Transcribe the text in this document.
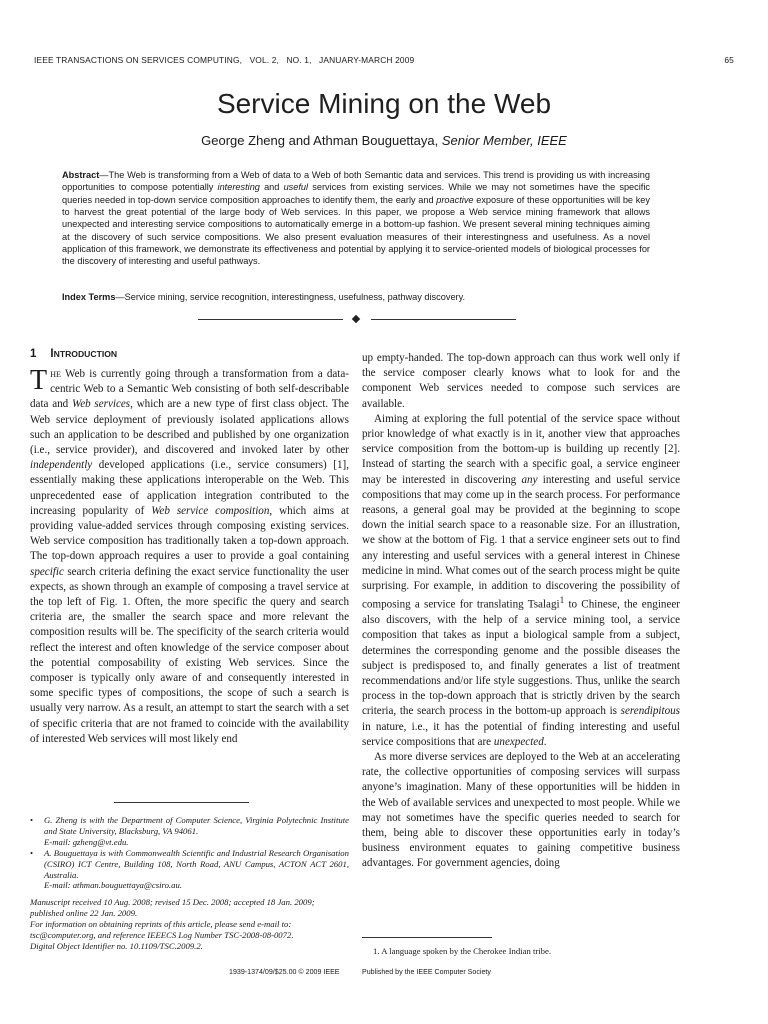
IEEE TRANSACTIONS ON SERVICES COMPUTING, VOL. 2, NO. 1, JANUARY-MARCH 2009	65
Service Mining on the Web
George Zheng and Athman Bouguettaya, Senior Member, IEEE
Abstract—The Web is transforming from a Web of data to a Web of both Semantic data and services. This trend is providing us with increasing opportunities to compose potentially interesting and useful services from existing services. While we may not sometimes have the specific queries needed in top-down service composition approaches to identify them, the early and proactive exposure of these opportunities will be key to harvest the great potential of the large body of Web services. In this paper, we propose a Web service mining framework that allows unexpected and interesting service compositions to automatically emerge in a bottom-up fashion. We present several mining techniques aiming at the discovery of such service compositions. We also present evaluation measures of their interestingness and usefulness. As a novel application of this framework, we demonstrate its effectiveness and potential by applying it to service-oriented models of biological processes for the discovery of interesting and useful pathways.
Index Terms—Service mining, service recognition, interestingness, usefulness, pathway discovery.
1 INTRODUCTION

THE Web is currently going through a transformation from a data-centric Web to a Semantic Web consisting of both self-describable data and Web services, which are a new type of first class object. The Web service deployment of previously isolated applications allows such an application to be described and published by one organization (i.e., service provider), and discovered and invoked later by other independently developed applications (i.e., service consumers) [1], essentially making these applications interoperable on the Web. This unprecedented ease of application integration contributed to the increasing popularity of Web service composition, which aims at providing value-added services through composing existing services. Web service composition has traditionally taken a top-down approach. The top-down approach requires a user to provide a goal containing specific search criteria defining the exact service functionality the user expects, as shown through an example of composing a travel service at the top left of Fig. 1. Often, the more specific the query and search criteria are, the smaller the search space and more relevant the composition results will be. The specificity of the search criteria would reflect the interest and often knowledge of the service composer about the potential composability of existing Web services. Since the composer is typically only aware of and consequently interested in some specific types of compositions, the scope of such a search is usually very narrow. As a result, an attempt to start the search with a set of specific criteria that are not framed to coincide with the availability of interested Web services will most likely end

• G. Zheng is with the Department of Computer Science, Virginia Polytechnic Institute and State University, Blacksburg, VA 94061.
E-mail: gzheng@vt.edu.
• A. Bouguettaya is with Commonwealth Scientific and Industrial Research Organisation (CSIRO) ICT Centre, Building 108, North Road, ANU Campus, ACTON ACT 2601, Australia.
E-mail: athman.bouguettaya@csiro.au.

Manuscript received 10 Aug. 2008; revised 15 Dec. 2008; accepted 18 Jan. 2009; published online 22 Jan. 2009.

For information on obtaining reprints of this article, please send e-mail to: tsc@computer.org, and reference IEEECS Log Number TSC-2008-08-0072.

Digital Object Identifier no. 10.1109/TSC.2009.2.

up empty-handed. The top-down approach can thus work well only if the service composer clearly knows what to look for and the component Web services needed to compose such services are available.

Aiming at exploring the full potential of the service space without prior knowledge of what exactly is in it, another view that approaches service composition from the bottom-up is building up recently [2]. Instead of starting the search with a specific goal, a service engineer may be interested in discovering any interesting and useful service compositions that may come up in the search process. For performance reasons, a general goal may be provided at the beginning to scope down the initial search space to a reasonable size. For an illustration, we show at the bottom of Fig. 1 that a service engineer sets out to find any interesting and useful services with a general interest in Chinese medicine in mind. What comes out of the search process might be quite surprising. For example, in addition to discovering the possibility of composing a service for translating Tsalagi$^1$ to Chinese, the engineer also discovers, with the help of a service mining tool, a service composition that takes as input a biological sample from a subject, determines the corresponding genome and the possible diseases the subject is predisposed to, and finally generates a list of treatment recommendations and/or life style suggestions. Thus, unlike the search process in the top-down approach that is strictly driven by the search criteria, the search process in the bottom-up approach is serendipitous in nature, i.e., it has the potential of finding interesting and useful service compositions that are unexpected.

As more diverse services are deployed to the Web at an accelerating rate, the collective opportunities of composing services will surpass anyone’s imagination. Many of these opportunities will be hidden in the Web of available services and unexpected to most people. While we may not sometimes have the specific queries needed to search for them, being able to discover these opportunities early in today’s business environment equates to gaining competitive business advantages. For government agencies, doing

1. A language spoken by the Cherokee Indian tribe.
1939-1374/09/$25.00 © 2009 IEEE	Published by the IEEE Computer Society
